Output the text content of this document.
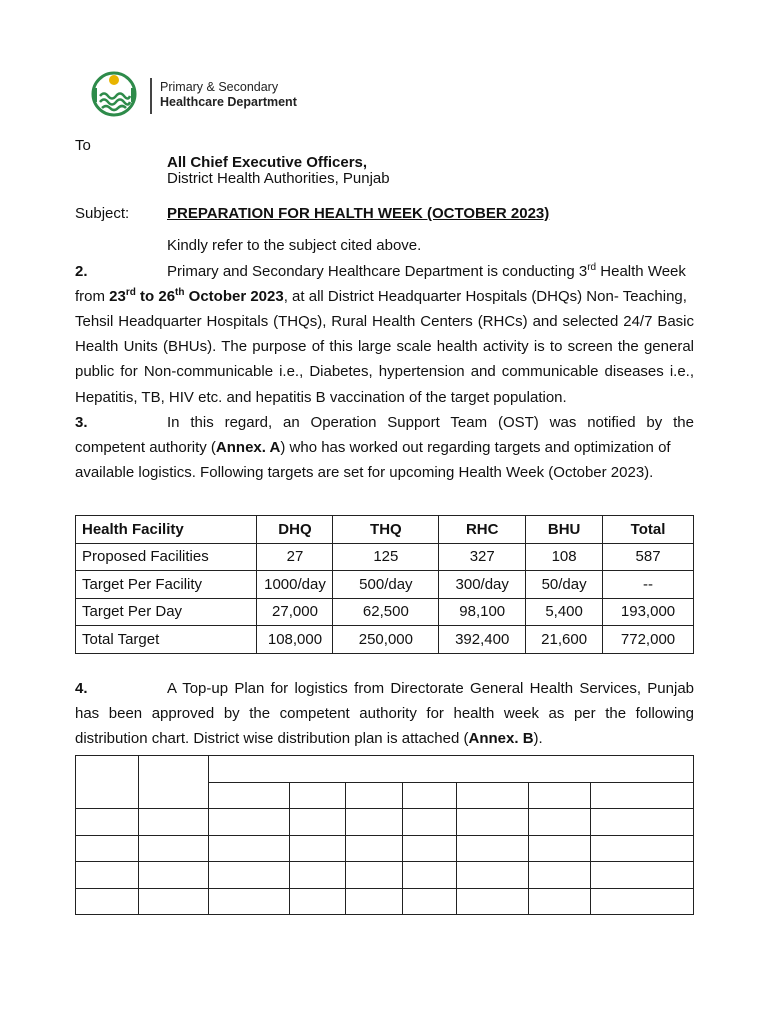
Primary & Secondary
Healthcare Department
To
All Chief Executive Officers,
District Health Authorities, Punjab
Subject:	PREPARATION FOR HEALTH WEEK (OCTOBER 2023)
Kindly refer to the subject cited above.
2.	Primary and Secondary Healthcare Department is conducting 3rd Health Week
from 23rd to 26th October 2023, at all District Headquarter Hospitals (DHQs) Non- Teaching,
Tehsil Headquarter Hospitals (THQs), Rural Health Centers (RHCs) and selected 24/7 Basic
Health Units (BHUs). The purpose of this large scale health activity is to screen the general
public for Non-communicable i.e., Diabetes, hypertension and communicable diseases i.e.,
Hepatitis, TB, HIV etc. and hepatitis B vaccination of the target population.
3.	In this regard, an Operation Support Team (OST) was notified by the
competent authority (Annex. A) who has worked out regarding targets and optimization of
available logistics. Following targets are set for upcoming Health Week (October 2023).
Health Facility	DHQ	THQ	RHC	BHU	Total
Proposed Facilities	27	125	327	108	587
Target Per Facility	1000/day	500/day	300/day	50/day	--
Target Per Day	27,000	62,500	98,100	5,400	193,000
Total Target	108,000	250,000	392,400	21,600	772,000
4.	A Top-up Plan for logistics from Directorate General Health Services, Punjab
has been approved by the competent authority for health week as per the following
distribution chart. District wise distribution plan is attached (Annex. B).
